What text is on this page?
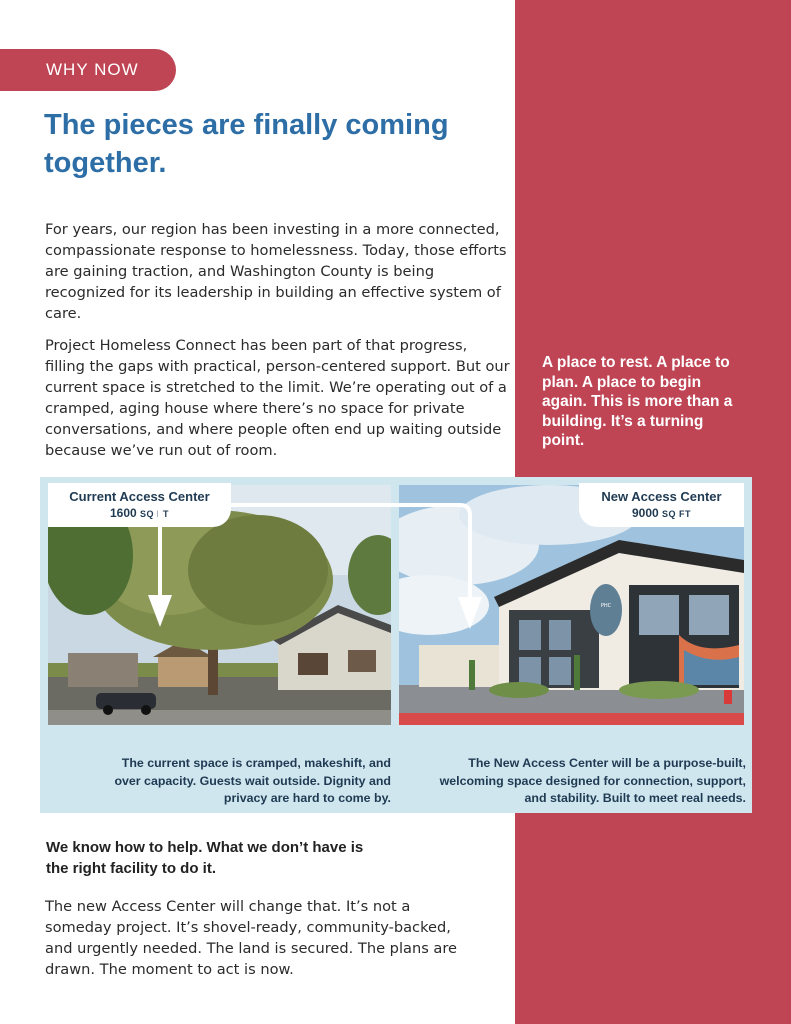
WHY NOW
The pieces are finally coming together.

For years, our region has been investing in a more connected, compassionate response to homelessness. Today, those efforts are gaining traction, and Washington County is being recognized for its leadership in building an effective system of care.

Project Homeless Connect has been part of that progress, filling the gaps with practical, person-centered support. But our current space is stretched to the limit. We’re operating out of a cramped, aging house where there’s no space for private conversations, and where people often end up waiting outside because we’ve run out of room.

A place to rest. A place to plan. A place to begin again. This is more than a building. It’s a turning point.

PHC
Current Access Center
1600 SQ FT
New Access Center
9000 SQ FT

The current space is cramped, makeshift, and over capacity. Guests wait outside. Dignity and privacy are hard to come by.

The New Access Center will be a purpose-built, welcoming space designed for connection, support, and stability. Built to meet real needs.

We know how to help. What we don’t have is the right facility to do it.

The new Access Center will change that. It’s not a someday project. It’s shovel-ready, community-backed, and urgently needed. The land is secured. The plans are drawn. The moment to act is now.
